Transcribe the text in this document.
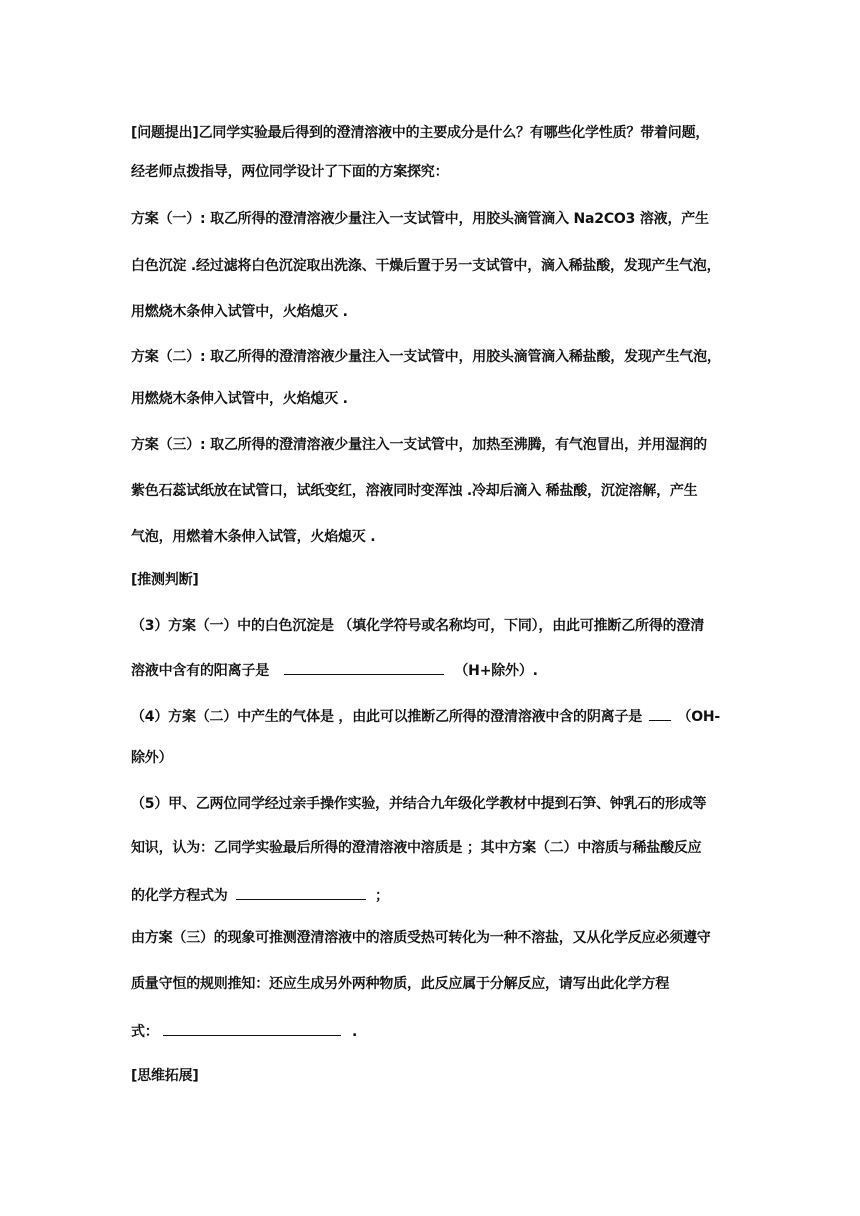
[问题提出]乙同学实验最后得到的澄清溶液中的主要成分是什么？有哪些化学性质？带着问题，
经老师点拨指导，两位同学设计了下面的方案探究：
方案（一）: 取乙所得的澄清溶液少量注入一支试管中，用胶头滴管滴入 Na2CO3 溶液，产生
白色沉淀 .经过滤将白色沉淀取出洗涤、干燥后置于另一支试管中，滴入稀盐酸，发现产生气泡，
用燃烧木条伸入试管中，火焰熄灭 .
方案（二）: 取乙所得的澄清溶液少量注入一支试管中，用胶头滴管滴入稀盐酸，发现产生气泡，
用燃烧木条伸入试管中，火焰熄灭 .
方案（三）: 取乙所得的澄清溶液少量注入一支试管中，加热至沸腾，有气泡冒出，并用湿润的
紫色石蕊试纸放在试管口，试纸变红，溶液同时变浑浊 .冷却后滴入 稀盐酸，沉淀溶解，产生
气泡，用燃着木条伸入试管，火焰熄灭 .
[推测判断]
（3）方案（一）中的白色沉淀是 （填化学符号或名称均可，下同），由此可推断乙所得的澄清
溶液中含有的阳离子是	（H+除外）.
（4）方案（二）中产生的气体是 ，由此可以推断乙所得的澄清溶液中含的阴离子是	（OH-
除外）
（5）甲、乙两位同学经过亲手操作实验，并结合九年级化学教材中提到石笋、钟乳石的形成等
知识，认为：乙同学实验最后所得的澄清溶液中溶质是 ；其中方案（二）中溶质与稀盐酸反应
的化学方程式为	；
由方案（三）的现象可推测澄清溶液中的溶质受热可转化为一种不溶盐，又从化学反应必须遵守
质量守恒的规则推知：还应生成另外两种物质，此反应属于分解反应，请写出此化学方程
式：	.
[思维拓展]
